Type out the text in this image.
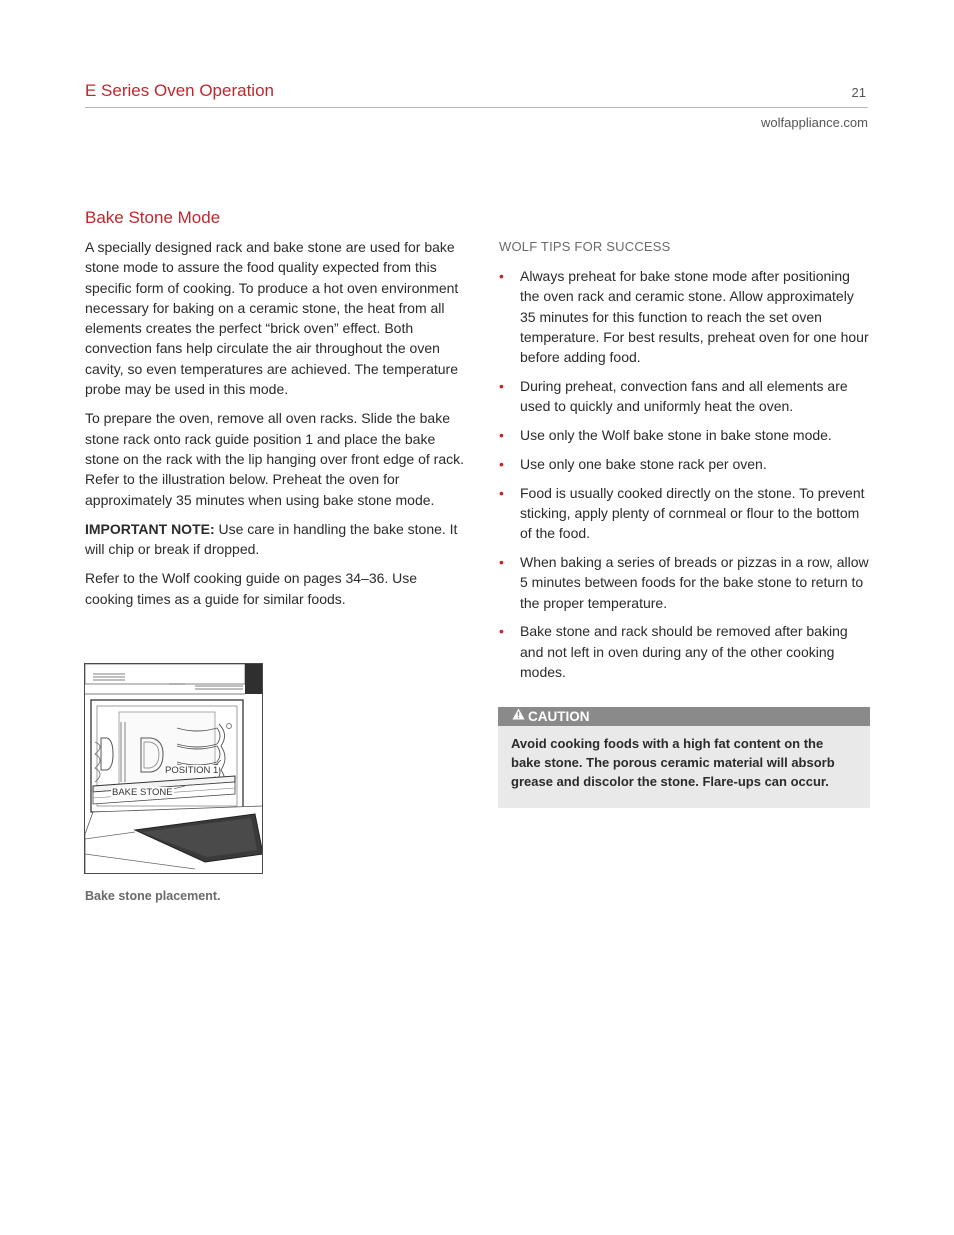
E Series Oven Operation	21
wolfappliance.com
Bake Stone Mode

A specially designed rack and bake stone are used for bake stone mode to assure the food quality expected from this specific form of cooking. To produce a hot oven environment necessary for baking on a ceramic stone, the heat from all elements creates the perfect “brick oven” effect. Both convection fans help circulate the air throughout the oven cavity, so even temperatures are achieved. The temperature probe may be used in this mode.

To prepare the oven, remove all oven racks. Slide the bake stone rack onto rack guide position 1 and place the bake stone on the rack with the lip hanging over front edge of rack. Refer to the illustration below. Preheat the oven for approximately 35 minutes when using bake stone mode.

IMPORTANT NOTE: Use care in handling the bake stone. It will chip or break if dropped.

Refer to the Wolf cooking guide on pages 34–36. Use cooking times as a guide for similar foods.

POSITION 1
BAKE STONE
Bake stone placement.
WOLF TIPS FOR SUCCESS
• Always preheat for bake stone mode after positioning the oven rack and ceramic stone. Allow approximately 35 minutes for this function to reach the set oven temperature. For best results, preheat oven for one hour before adding food.
• During preheat, convection fans and all elements are used to quickly and uniformly heat the oven.
• Use only the Wolf bake stone in bake stone mode.
• Use only one bake stone rack per oven.
• Food is usually cooked directly on the stone. To prevent sticking, apply plenty of cornmeal or flour to the bottom of the food.
• When baking a series of breads or pizzas in a row, allow 5 minutes between foods for the bake stone to return to the proper temperature.
• Bake stone and rack should be removed after baking and not left in oven during any of the other cooking modes.
CAUTION
Avoid cooking foods with a high fat content on the bake stone. The porous ceramic material will absorb grease and discolor the stone. Flare-ups can occur.
